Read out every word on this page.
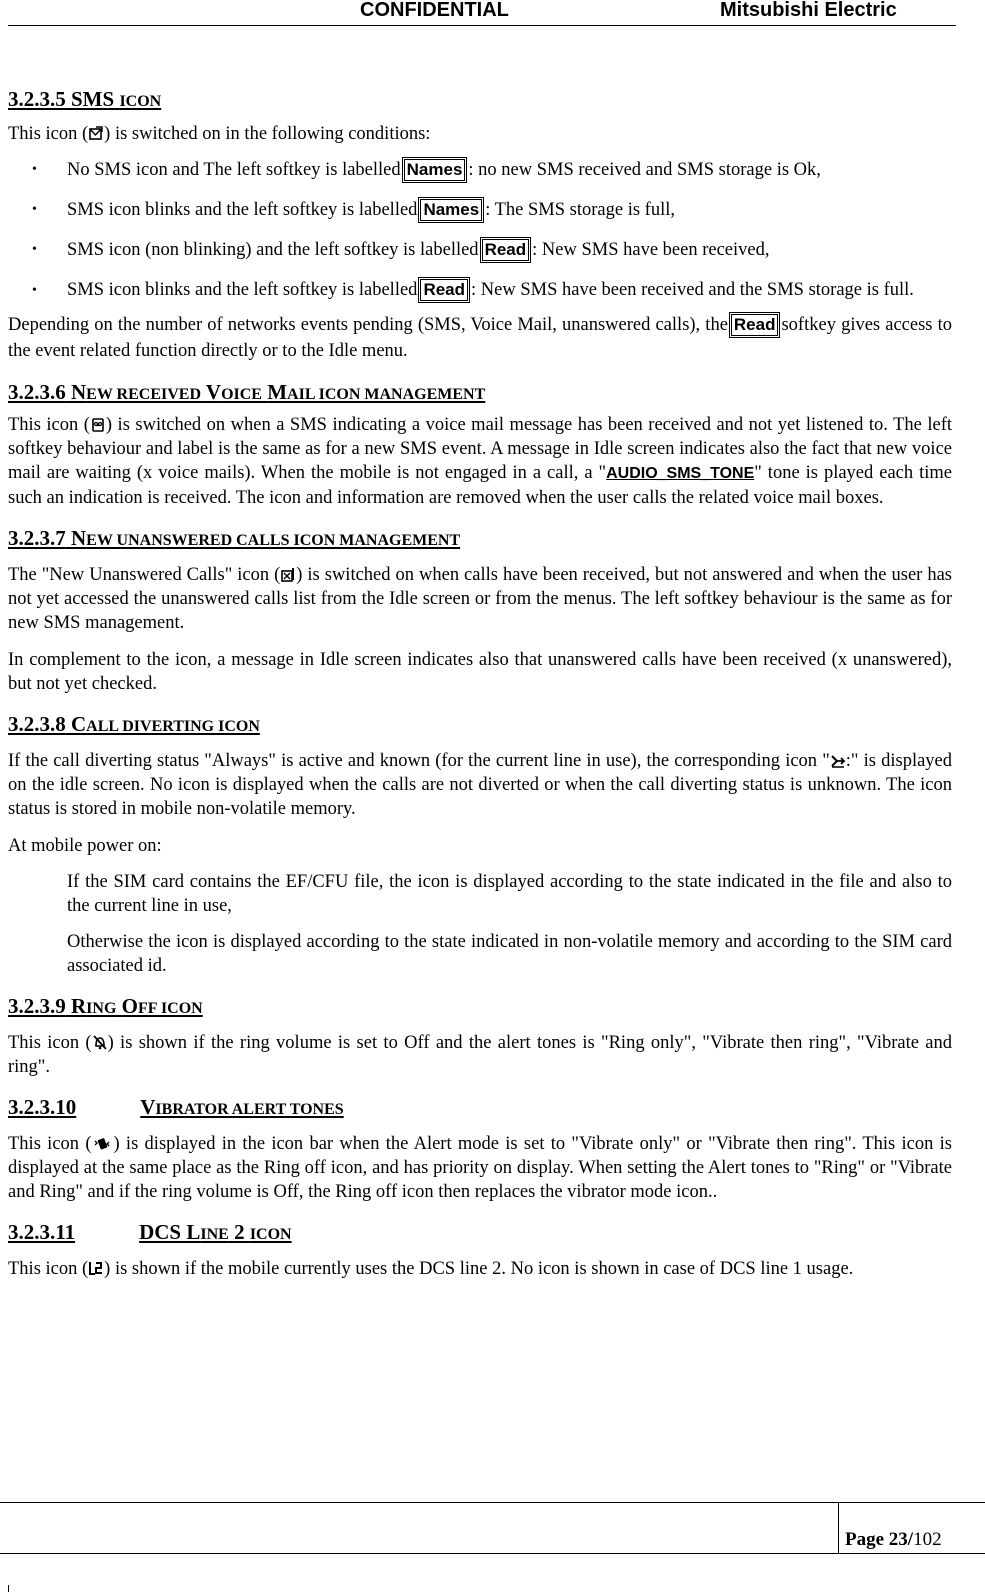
CONFIDENTIAL	Mitsubishi Electric
3.2.3.5 SMS ICON

This icon ( ) is switched on in the following conditions:

• No SMS icon and The left softkey is labelled Names : no new SMS received and SMS storage is Ok,
• SMS icon blinks and the left softkey is labelled Names : The SMS storage is full,
• SMS icon (non blinking) and the left softkey is labelled Read : New SMS have been received,
• SMS icon blinks and the left softkey is labelled Read : New SMS have been received and the SMS storage is full.

Depending on the number of networks events pending (SMS, Voice Mail, unanswered calls), the Read softkey gives access to the event related function directly or to the Idle menu.

3.2.3.6 NEW RECEIVED VOICE MAIL ICON MANAGEMENT

This icon ( ) is switched on when a SMS indicating a voice mail message has been received and not yet listened to. The left softkey behaviour and label is the same as for a new SMS event. A message in Idle screen indicates also the fact that new voice mail are waiting (x voice mails). When the mobile is not engaged in a call, a "AUDIO_SMS_TONE" tone is played each time such an indication is received. The icon and information are removed when the user calls the related voice mail boxes.

3.2.3.7 NEW UNANSWERED CALLS ICON MANAGEMENT

The "New Unanswered Calls" icon ( ) is switched on when calls have been received, but not answered and when the user has not yet accessed the unanswered calls list from the Idle screen or from the menus. The left softkey behaviour is the same as for new SMS management.

In complement to the icon, a message in Idle screen indicates also that unanswered calls have been received (x unanswered), but not yet checked.

3.2.3.8 CALL DIVERTING ICON

If the call diverting status "Always" is active and known (for the current line in use), the corresponding icon " :" is displayed on the idle screen. No icon is displayed when the calls are not diverted or when the call diverting status is unknown. The icon status is stored in mobile non-volatile memory.

At mobile power on:

If the SIM card contains the EF/CFU file, the icon is displayed according to the state indicated in the file and also to the current line in use,

Otherwise the icon is displayed according to the state indicated in non-volatile memory and according to the SIM card associated id.

3.2.3.9 RING OFF ICON

This icon ( ) is shown if the ring volume is set to Off and the alert tones is "Ring only", "Vibrate then ring", "Vibrate and ring".

3.2.3.10	VIBRATOR ALERT TONES

This icon ( ) is displayed in the icon bar when the Alert mode is set to "Vibrate only" or "Vibrate then ring". This icon is displayed at the same place as the Ring off icon, and has priority on display. When setting the Alert tones to "Ring" or "Vibrate and Ring" and if the ring volume is Off, the Ring off icon then replaces the vibrator mode icon..

3.2.3.11	DCS LINE 2 ICON

This icon ( ) is shown if the mobile currently uses the DCS line 2. No icon is shown in case of DCS line 1 usage.

Page 23/102
